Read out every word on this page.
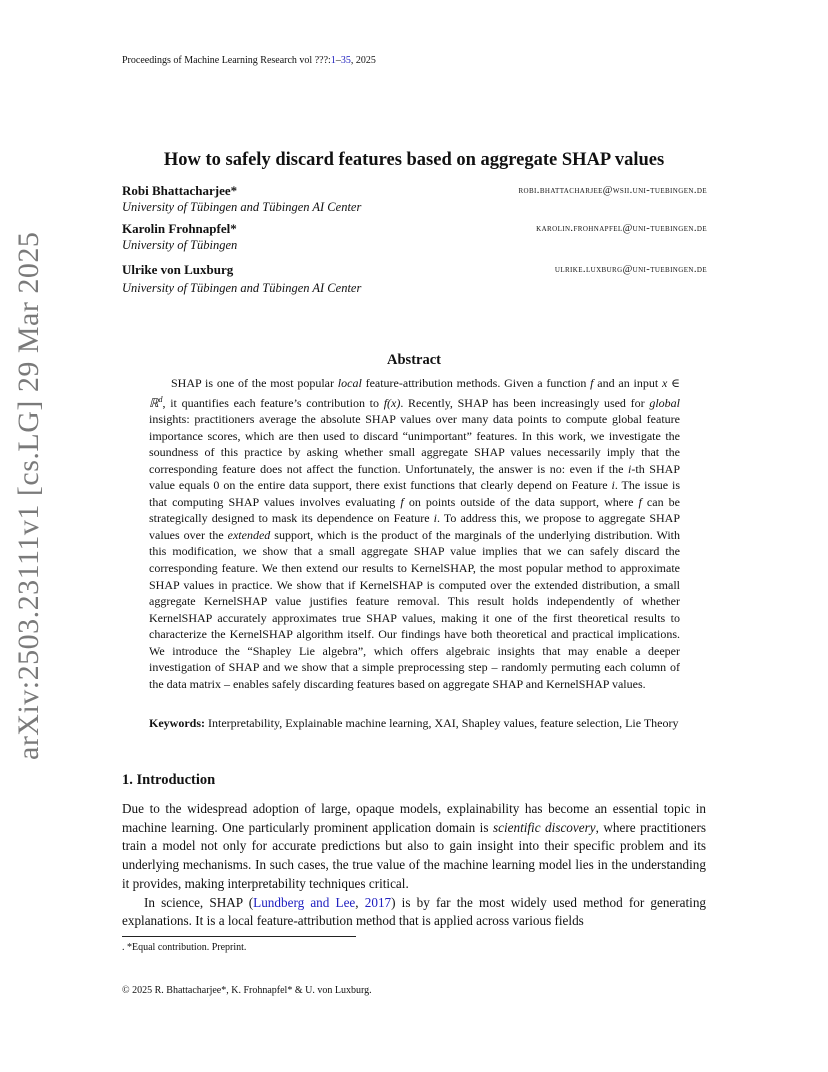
Proceedings of Machine Learning Research vol ???:1–35, 2025
arXiv:2503.23111v1 [cs.LG] 29 Mar 2025
How to safely discard features based on aggregate SHAP values
Robi Bhattacharjee*	robi.bhattacharjee@wsii.uni-tuebingen.de
University of Tübingen and Tübingen AI Center
Karolin Frohnapfel*	karolin.frohnapfel@uni-tuebingen.de
University of Tübingen
Ulrike von Luxburg	ulrike.luxburg@uni-tuebingen.de
University of Tübingen and Tübingen AI Center
Abstract

SHAP is one of the most popular local feature-attribution methods. Given a function f and an input x ∈ ℝ$^d$, it quantifies each feature’s contribution to f(x). Recently, SHAP has been increasingly used for global insights: practitioners average the absolute SHAP values over many data points to compute global feature importance scores, which are then used to discard “unimportant” features. In this work, we investigate the soundness of this practice by asking whether small aggregate SHAP values necessarily imply that the corresponding feature does not affect the function. Unfortunately, the answer is no: even if the i-th SHAP value equals 0 on the entire data support, there exist functions that clearly depend on Feature i. The issue is that computing SHAP values involves evaluating f on points outside of the data support, where f can be strategically designed to mask its dependence on Feature i. To address this, we propose to aggregate SHAP values over the extended support, which is the product of the marginals of the underlying distribution. With this modification, we show that a small aggregate SHAP value implies that we can safely discard the corresponding feature. We then extend our results to KernelSHAP, the most popular method to approximate SHAP values in practice. We show that if KernelSHAP is computed over the extended distribution, a small aggregate KernelSHAP value justifies feature removal. This result holds independently of whether KernelSHAP accurately approximates true SHAP values, making it one of the first theoretical results to characterize the KernelSHAP algorithm itself. Our findings have both theoretical and practical implications. We introduce the “Shapley Lie algebra”, which offers algebraic insights that may enable a deeper investigation of SHAP and we show that a simple preprocessing step – randomly permuting each column of the data matrix – enables safely discarding features based on aggregate SHAP and KernelSHAP values.

Keywords: Interpretability, Explainable machine learning, XAI, Shapley values, feature selection, Lie Theory
1. Introduction

Due to the widespread adoption of large, opaque models, explainability has become an essential topic in machine learning. One particularly prominent application domain is scientific discovery, where practitioners train a model not only for accurate predictions but also to gain insight into their specific problem and its underlying mechanisms. In such cases, the true value of the machine learning model lies in the understanding it provides, making interpretability techniques critical.

In science, SHAP (Lundberg and Lee, 2017) is by far the most widely used method for generating explanations. It is a local feature-attribution method that is applied across various fields

. *Equal contribution. Preprint.
© 2025 R. Bhattacharjee*, K. Frohnapfel* & U. von Luxburg.
